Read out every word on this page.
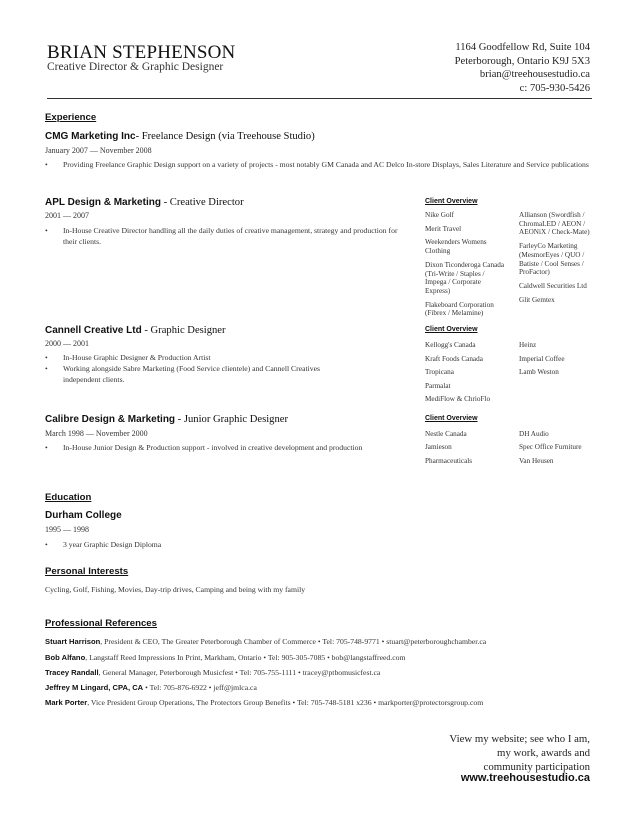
BRIAN STEPHENSON
Creative Director & Graphic Designer
1164 Goodfellow Rd, Suite 104
Peterborough, Ontario K9J 5X3
brian@treehousestudio.ca
c: 705-930-5426
Experience
CMG Marketing Inc- Freelance Design (via Treehouse Studio)
January 2007 — November 2008
• Providing Freelance Graphic Design support on a variety of projects - most notably GM Canada and AC Delco In-store Displays, Sales Literature and Service publications
APL Design & Marketing - Creative Director
2001 — 2007
• In-House Creative Director handling all the daily duties of creative management, strategy and production for their clients.
Client Overview
Nike Golf
Merit Travel
Weekenders Womens Clothing
Dixon Ticonderoga Canada (Tri-Write / Staples / Impega / Corporate Express)
Flakeboard Corporation (Fibrex / Melamine)
Allianson (Swordfish / ChromaLED / AEON / AEONiX / Check-Mate)
FarleyCo Marketing (MesmorEyes / QUO / Batiste / Cool Senses / ProFactor)
Caldwell Securities Ltd
Glit Gemtex
Cannell Creative Ltd - Graphic Designer
2000 — 2001
• In-House Graphic Designer & Production Artist
• Working alongside Sabre Marketing (Food Service clientele) and Cannell Creatives independent clients.
Client Overview
Kellogg's Canada
Kraft Foods Canada
Tropicana
Parmalat
MediFlow & ChrioFlo
Heinz
Imperial Coffee
Lamb Weston
Calibre Design & Marketing - Junior Graphic Designer
March 1998 — November 2000
• In-House Junior Design & Production support - involved in creative development and production
Client Overview
Nestle Canada
Jamieson
Pharmaceuticals
DH Audio
Spec Office Furniture
Van Heusen
Education
Durham College
1995 — 1998
• 3 year Graphic Design Diploma
Personal Interests
Cycling, Golf, Fishing, Movies, Day-trip drives, Camping and being with my family
Professional References
Stuart Harrison, President & CEO, The Greater Peterborough Chamber of Commerce • Tel: 705-748-9771 • stuart@peterboroughchamber.ca
Bob Alfano, Langstaff Reed Impressions In Print, Markham, Ontario • Tel: 905-305-7085 • bob@langstaffreed.com
Tracey Randall, General Manager, Peterborough Musicfest • Tel: 705-755-1111 • tracey@ptbomusicfest.ca
Jeffrey M Lingard, CPA, CA • Tel: 705-876-6922 • jeff@jmlca.ca
Mark Porter, Vice President Group Operations, The Protectors Group Benefits • Tel: 705-748-5181 x236 • markporter@protectorsgroup.com
View my website; see who I am,
my work, awards and
community participation
www.treehousestudio.ca
